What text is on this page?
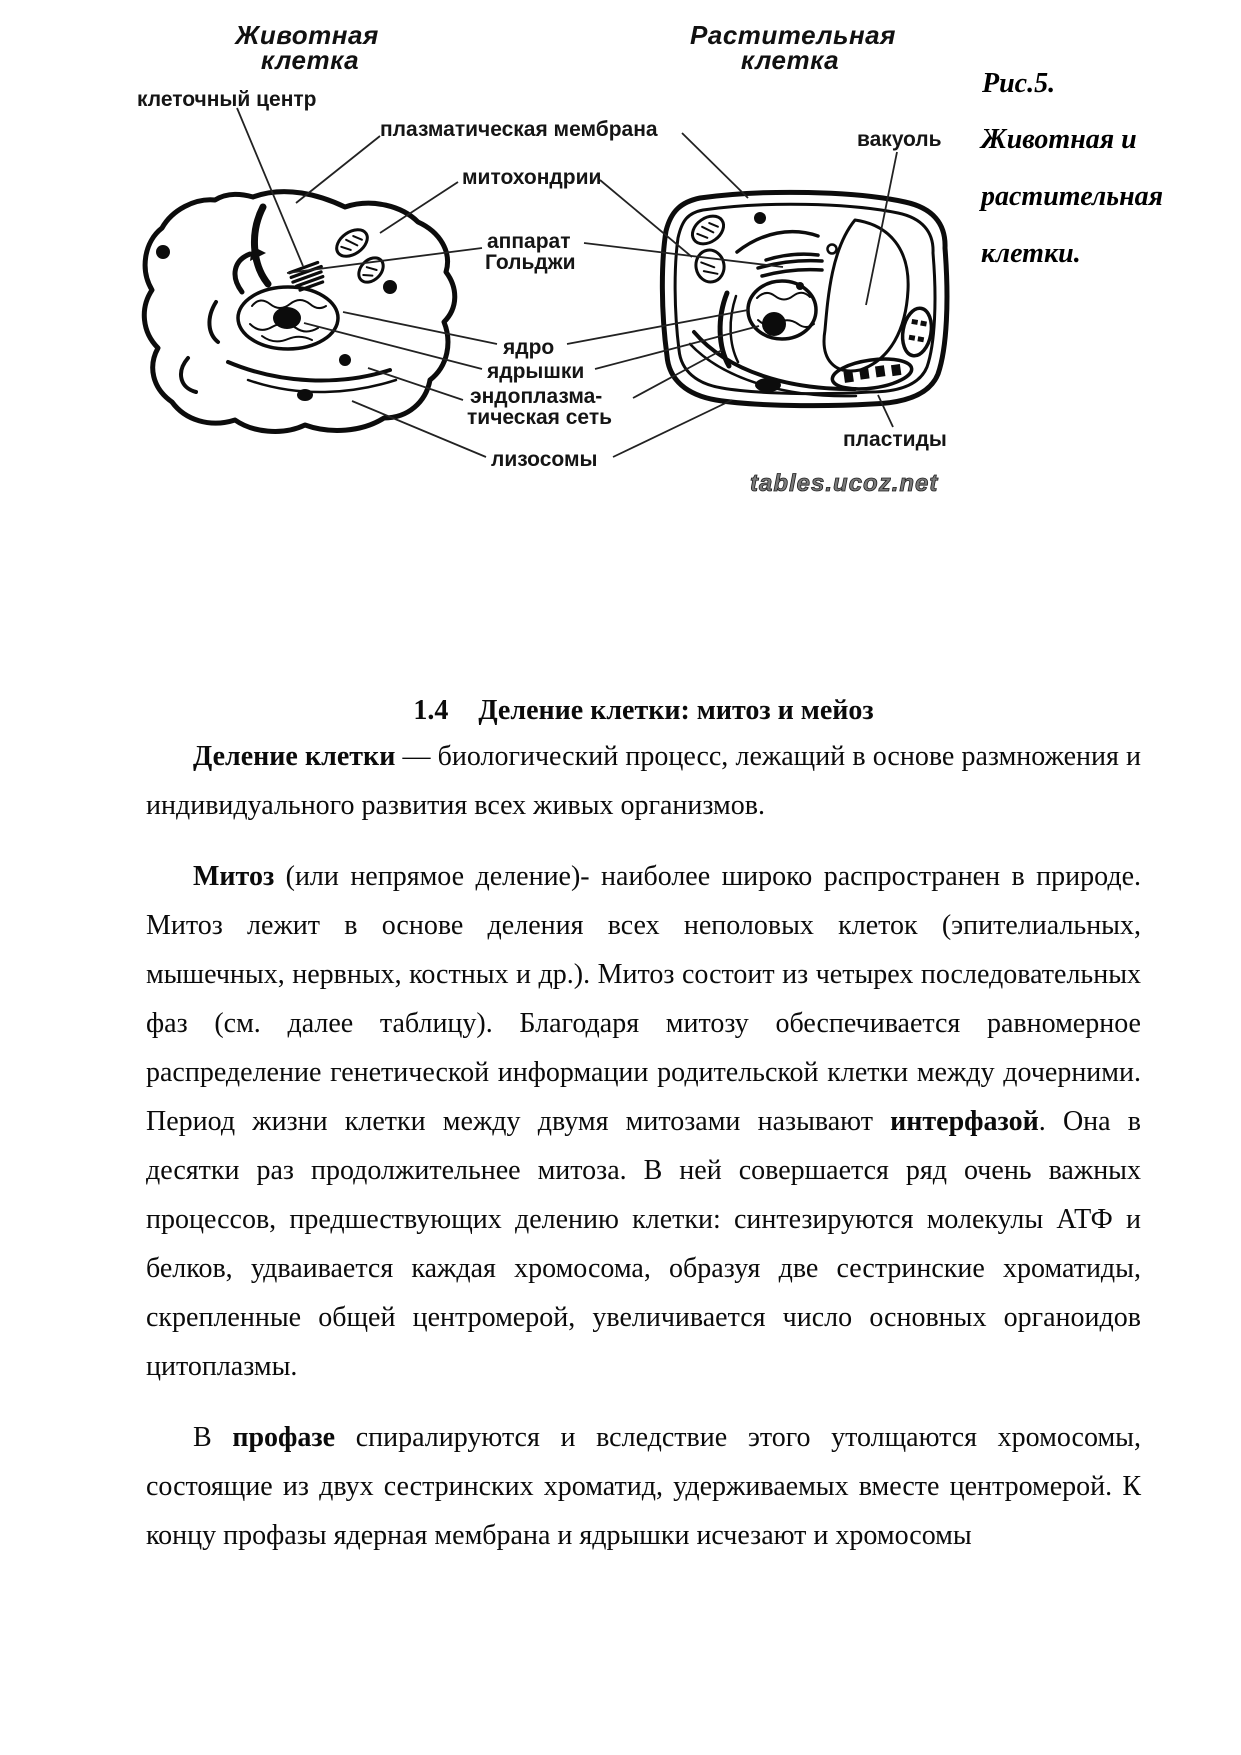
Животная
клетка
Растительная
клетка
клеточный центр
плазматическая мембрана
митохондрии
вакуоль
аппарат
Гольджи
ядро
ядрышки
эндоплазма-
тическая сеть
лизосомы
пластиды
tables.ucoz.net
Рис.5.
Животная и
растительная
клетки.
1.4 Деление клетки: митоз и мейоз

Деление клетки — биологический процесс, лежащий в основе размножения и индивидуального развития всех живых организмов.

Митоз (или непрямое деление)- наиболее широко распространен в природе. Митоз лежит в основе деления всех неполовых клеток (эпителиальных, мышечных, нервных, костных и др.). Митоз состоит из четырех последовательных фаз (см. далее таблицу). Благодаря митозу обеспечивается равномерное распределение генетической информации родительской клетки между дочерними. Период жизни клетки между двумя митозами называют интерфазой. Она в десятки раз продолжительнее митоза. В ней совершается ряд очень важных процессов, предшествующих делению клетки: синтезируются молекулы АТФ и белков, удваивается каждая хромосома, образуя две сестринские хроматиды, скрепленные общей центромерой, увеличивается число основных органоидов цитоплазмы.

В профазе спиралируются и вследствие этого утолщаются хромосомы, состоящие из двух сестринских хроматид, удерживаемых вместе центромерой. К концу профазы ядерная мембрана и ядрышки исчезают и хромосомы
